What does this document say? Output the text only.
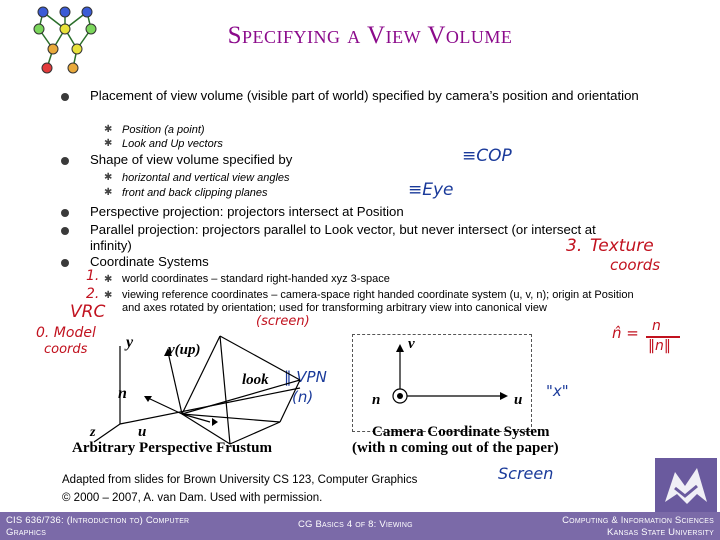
Specifying a View Volume
Placement of view volume (visible part of world) specified by camera’s position and orientation
✱ Position (a point)
✱ Look and Up vectors
Shape of view volume specified by
✱ horizontal and vertical view angles
✱ front and back clipping planes
Perspective projection: projectors intersect at Position
Parallel projection: projectors parallel to Look vector, but never intersect (or intersect at infinity)
Coordinate Systems
✱ world coordinates – standard right-handed xyz 3-space
✱ viewing reference coordinates – camera-space right handed coordinate system (u, v, n); origin at Position and axes rotated by orientation; used for transforming arbitrary view into canonical view
≡COP
≡Eye
3. Texture
coords
1.
2.
VRC
0. Model
coords
(screen)
n̂ = n
‖n‖
‖ VPN
(n)	"x"
Screen
y v(up)
look
n
z	u
Arbitrary Perspective Frustum
v
n	u
Camera Coordinate System
(with n coming out of the paper)
Adapted from slides for Brown University CS 123, Computer Graphics
© 2000 – 2007, A. van Dam. Used with permission.
CIS 636/736: (Introduction to) Computer
Graphics
CG Basics 4 of 8: Viewing	Computing & Information Sciences
Kansas State University
